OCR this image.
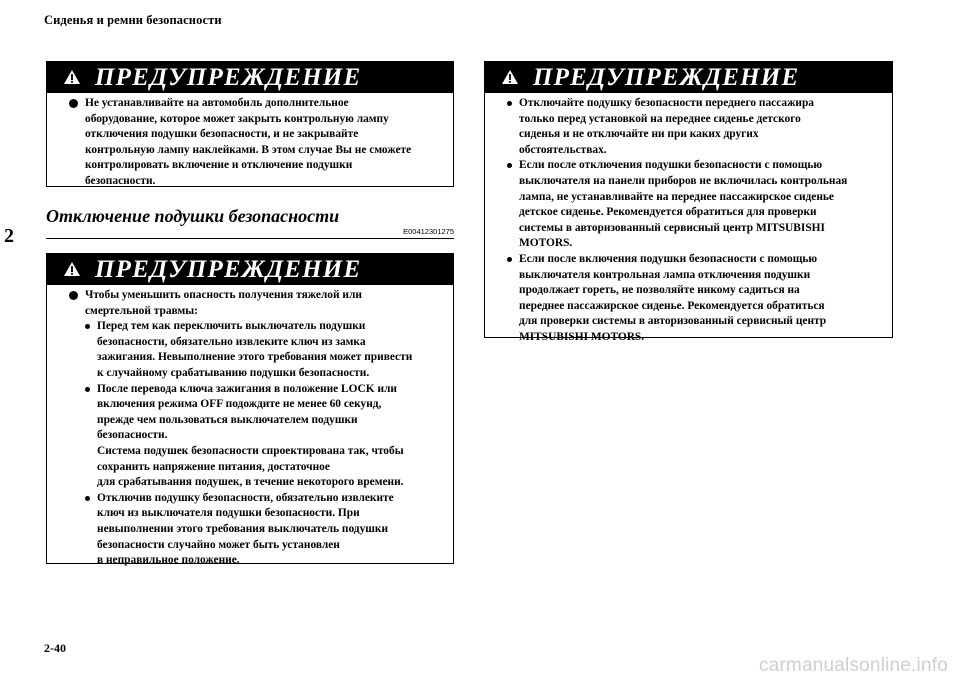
Сиденья и ремни безопасности
2
2-40
carmanualsonline.info
ПРЕДУПРЕЖДЕНИЕ
Не устанавливайте на автомобиль дополнительное
оборудование, которое может закрыть контрольную лампу
отключения подушки безопасности, и не закрывайте
контрольную лампу наклейками. В этом случае Вы не сможете
контролировать включение и отключение подушки
безопасности.
Отключение подушки безопасности
E00412301275
ПРЕДУПРЕЖДЕНИЕ
Чтобы уменьшить опасность получения тяжелой или
смертельной травмы:
Перед тем как переключить выключатель подушки
безопасности, обязательно извлеките ключ из замка
зажигания. Невыполнение этого требования может привести
к случайному срабатыванию подушки безопасности.
После перевода ключа зажигания в положение LOCK или
включения режима OFF подождите не менее 60 секунд,
прежде чем пользоваться выключателем подушки
безопасности.
Система подушек безопасности спроектирована так, чтобы
сохранить напряжение питания, достаточное
для срабатывания подушек, в течение некоторого времени.
Отключив подушку безопасности, обязательно извлеките
ключ из выключателя подушки безопасности. При
невыполнении этого требования выключатель подушки
безопасности случайно может быть установлен
в неправильное положение.
ПРЕДУПРЕЖДЕНИЕ
Отключайте подушку безопасности переднего пассажира
только перед установкой на переднее сиденье детского
сиденья и не отключайте ни при каких других
обстоятельствах.
Если после отключения подушки безопасности с помощью
выключателя на панели приборов не включилась контрольная
лампа, не устанавливайте на переднее пассажирское сиденье
детское сиденье. Рекомендуется обратиться для проверки
системы в авторизованный сервисный центр MITSUBISHI
MOTORS.
Если после включения подушки безопасности с помощью
выключателя контрольная лампа отключения подушки
продолжает гореть, не позволяйте никому садиться на
переднее пассажирское сиденье. Рекомендуется обратиться
для проверки системы в авторизованный сервисный центр
MITSUBISHI MOTORS.
